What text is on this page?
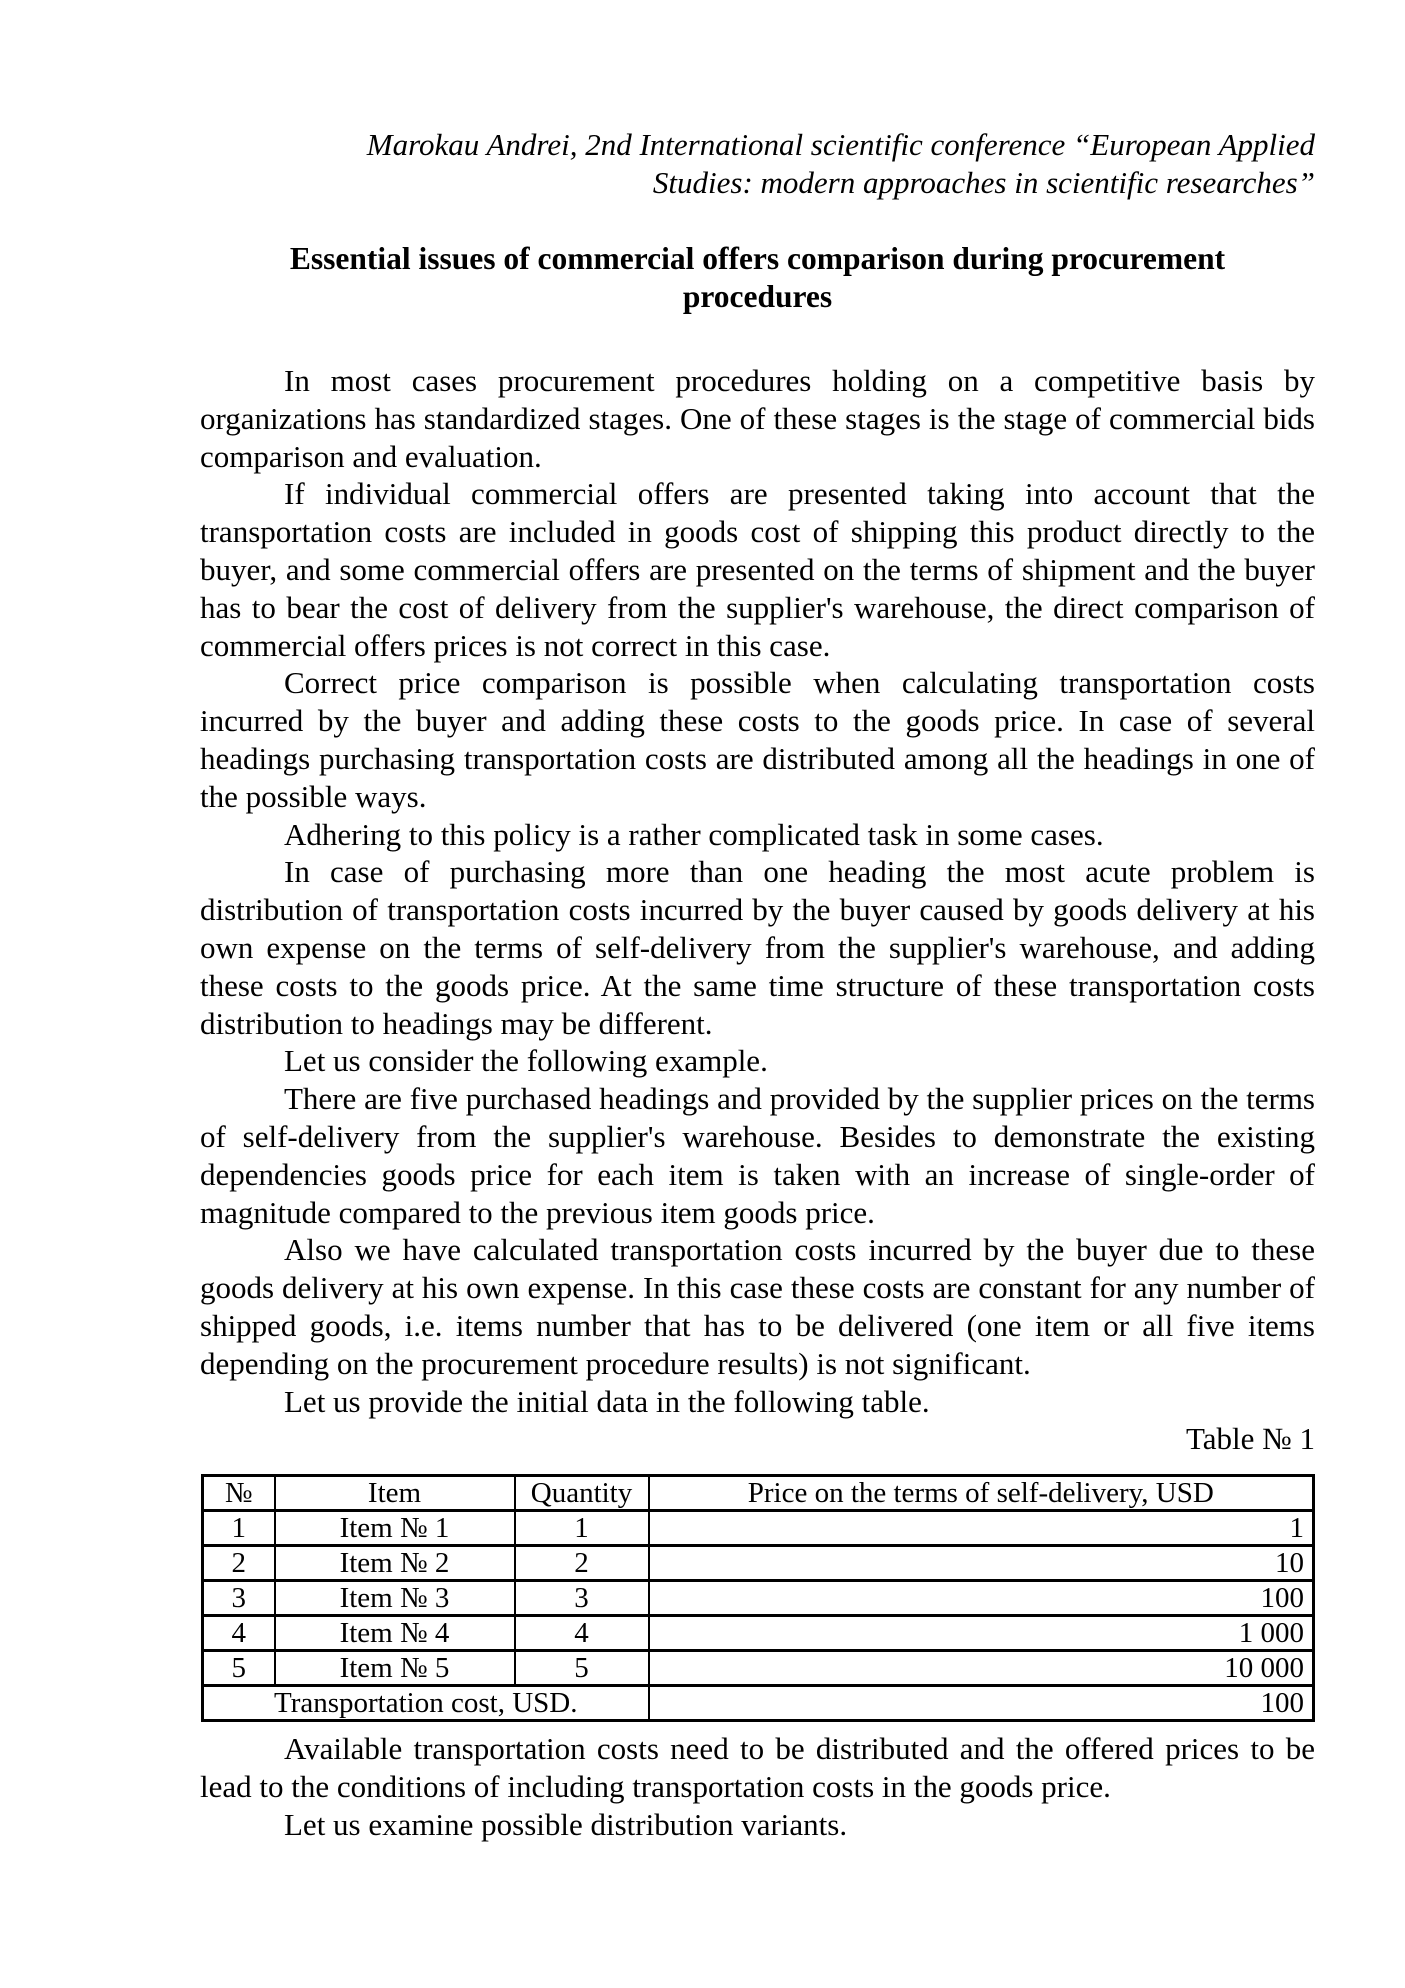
Marokau Andrei, 2nd International scientific conference “European Applied
Studies: modern approaches in scientific researches”
Essential issues of commercial offers comparison during procurement
procedures

In most cases procurement procedures holding on a competitive basis by organizations has standardized stages. One of these stages is the stage of commercial bids comparison and evaluation.

If individual commercial offers are presented taking into account that the transportation costs are included in goods cost of shipping this product directly to the buyer, and some commercial offers are presented on the terms of shipment and the buyer has to bear the cost of delivery from the supplier's warehouse, the direct comparison of commercial offers prices is not correct in this case.

Correct price comparison is possible when calculating transportation costs incurred by the buyer and adding these costs to the goods price. In case of several headings purchasing transportation costs are distributed among all the headings in one of the possible ways.

Adhering to this policy is a rather complicated task in some cases.

In case of purchasing more than one heading the most acute problem is distribution of transportation costs incurred by the buyer caused by goods delivery at his own expense on the terms of self-delivery from the supplier's warehouse, and adding these costs to the goods price. At the same time structure of these transportation costs distribution to headings may be different.

Let us consider the following example.

There are five purchased headings and provided by the supplier prices on the terms of self-delivery from the supplier's warehouse. Besides to demonstrate the existing dependencies goods price for each item is taken with an increase of single-order of magnitude compared to the previous item goods price.

Also we have calculated transportation costs incurred by the buyer due to these goods delivery at his own expense. In this case these costs are constant for any number of shipped goods, i.e. items number that has to be delivered (one item or all five items depending on the procurement procedure results) is not significant.

Let us provide the initial data in the following table.

Table № 1
№	Item	Quantity	Price on the terms of self-delivery, USD
1	Item № 1	1	1
2	Item № 2	2	10
3	Item № 3	3	100
4	Item № 4	4	1 000
5	Item № 5	5	10 000
Transportation cost, USD.			100

Available transportation costs need to be distributed and the offered prices to be lead to the conditions of including transportation costs in the goods price.

Let us examine possible distribution variants.
